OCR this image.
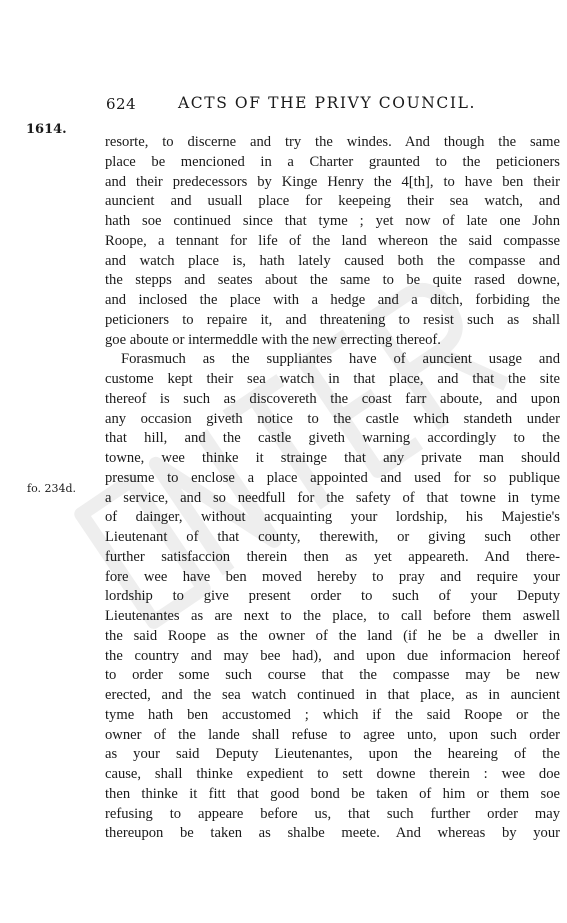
624	ACTS OF THE PRIVY COUNCIL.
1614.
fo. 234d.
resorte, to discerne and try the windes. And though the same
place be mencioned in a Charter graunted to the peticioners
and their predecessors by Kinge Henry the 4[th], to have ben their
auncient and usuall place for keepeing their sea watch, and
hath soe continued since that tyme ; yet now of late one John
Roope, a tennant for life of the land whereon the said compasse
and watch place is, hath lately caused both the compasse and
the stepps and seates about the same to be quite rased downe,
and inclosed the place with a hedge and a ditch, forbiding the
peticioners to repaire it, and threatening to resist such as shall
goe aboute or intermeddle with the new errecting thereof.
Forasmuch as the suppliantes have of auncient usage and
custome kept their sea watch in that place, and that the site
thereof is such as discovereth the coast farr aboute, and upon
any occasion giveth notice to the castle which standeth under
that hill, and the castle giveth warning accordingly to the
towne, wee thinke it strainge that any private man should
presume to enclose a place appointed and used for so publique
a service, and so needfull for the safety of that towne in tyme
of dainger, without acquainting your lordship, his Majestie's
Lieutenant of that county, therewith, or giving such other
further satisfaccion therein then as yet appeareth. And there-
fore wee have ben moved hereby to pray and require your
lordship to give present order to such of your Deputy
Lieutenantes as are next to the place, to call before them aswell
the said Roope as the owner of the land (if he be a dweller in
the country and may bee had), and upon due informacion hereof
to order some such course that the compasse may be new
erected, and the sea watch continued in that place, as in auncient
tyme hath ben accustomed ; which if the said Roope or the
owner of the lande shall refuse to agree unto, upon such order
as your said Deputy Lieutenantes, upon the heareing of the
cause, shall thinke expedient to sett downe therein : wee doe
then thinke it fitt that good bond be taken of him or them soe
refusing to appeare before us, that such further order may
thereupon be taken as shalbe meete. And whereas by your
